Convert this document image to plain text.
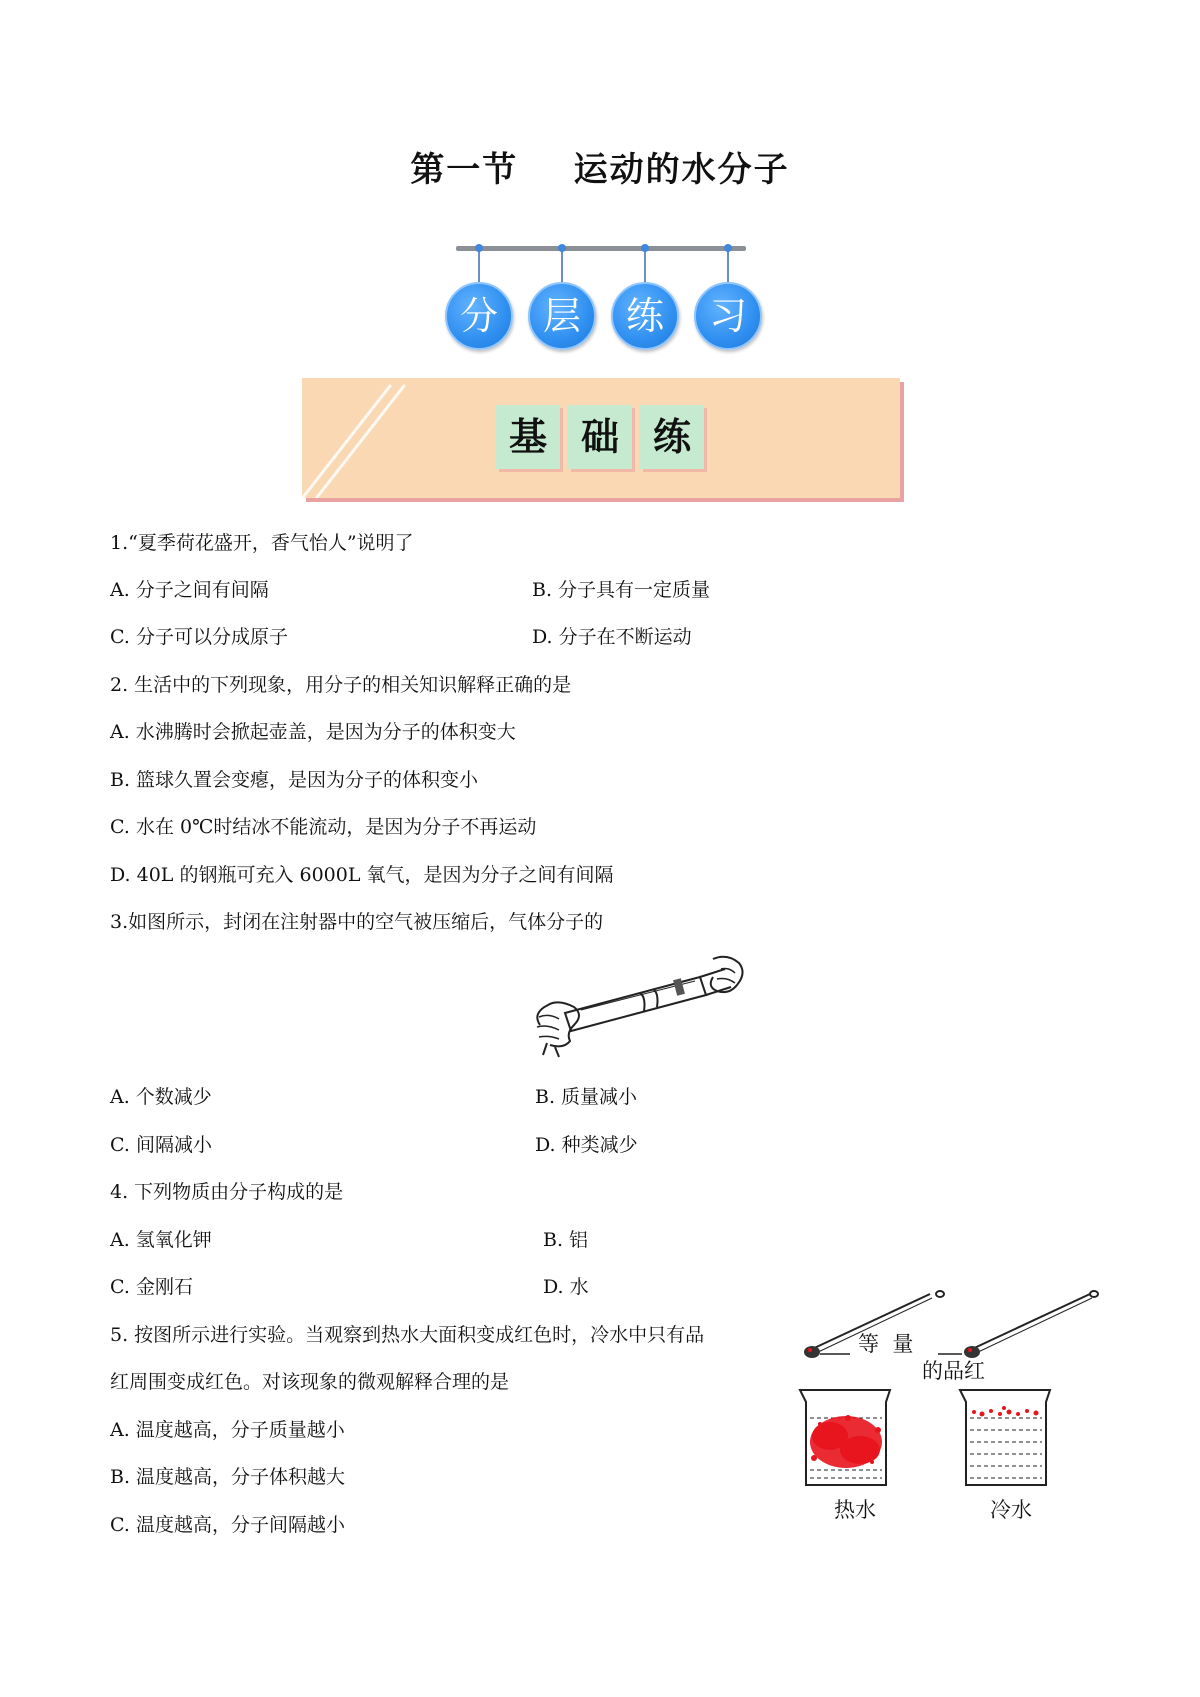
第一节    运动的水分子
分	层	练	习
基 础 练
1.“夏季荷花盛开，香气怡人”说明了
A. 分子之间有间隔	B. 分子具有一定质量
C. 分子可以分成原子	D. 分子在不断运动
2. 生活中的下列现象，用分子的相关知识解释正确的是
A. 水沸腾时会掀起壶盖，是因为分子的体积变大
B. 篮球久置会变瘪，是因为分子的体积变小
C. 水在 0℃时结冰不能流动，是因为分子不再运动
D. 40L 的钢瓶可充入 6000L 氧气，是因为分子之间有间隔
3.如图所示，封闭在注射器中的空气被压缩后，气体分子的
A. 个数减少	B. 质量减小
C. 间隔减小	D. 种类减少
4. 下列物质由分子构成的是
A. 氢氧化钾	B. 铝
C. 金刚石	D. 水
5. 按图所示进行实验。当观察到热水大面积变成红色时，冷水中只有品
红周围变成红色。对该现象的微观解释合理的是
A. 温度越高，分子质量越小
B. 温度越高，分子体积越大
C. 温度越高，分子间隔越小
等  量
的品红
热水	冷水
